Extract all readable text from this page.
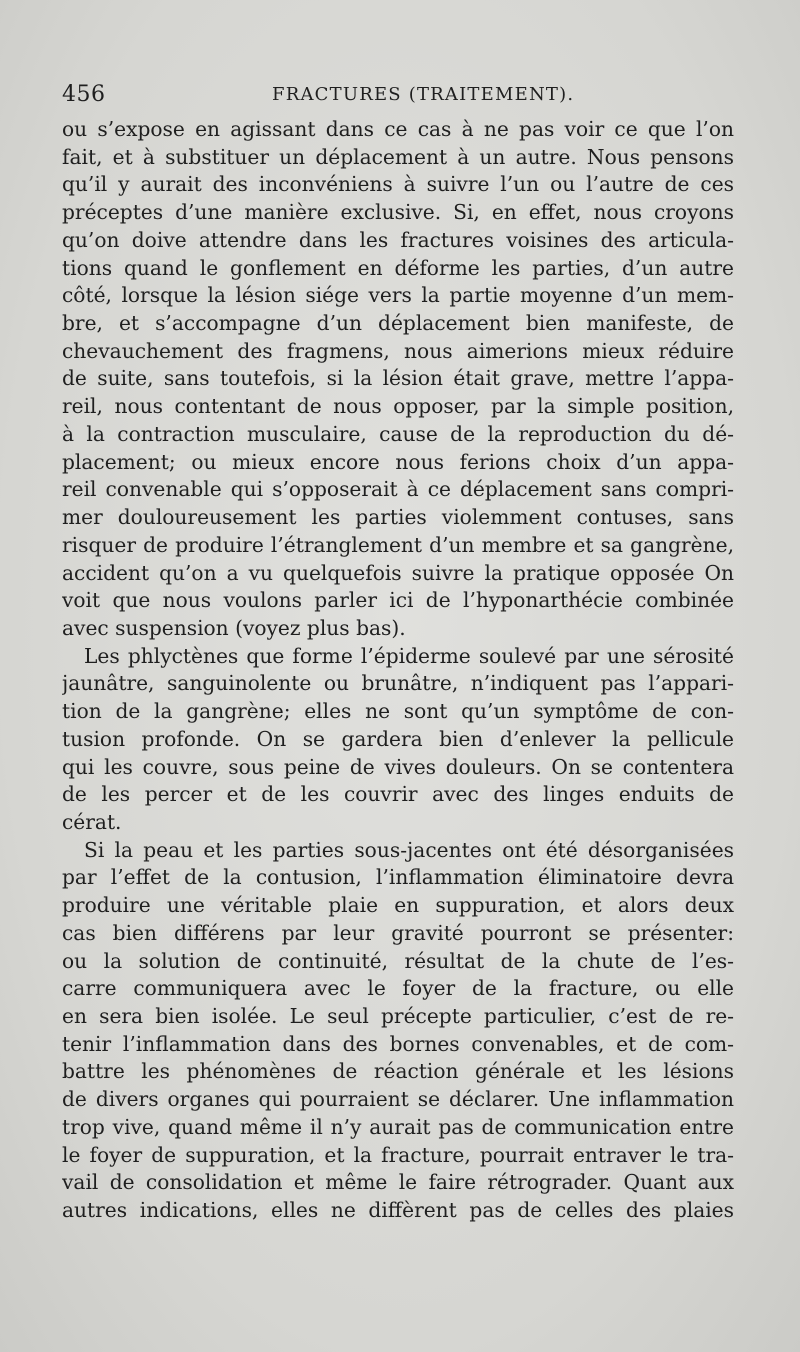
456	FRACTURES (TRAITEMENT).
ou s’expose en agissant dans ce cas à ne pas voir ce que l’on
fait, et à substituer un déplacement à un autre. Nous pensons
qu’il y aurait des inconvéniens à suivre l’un ou l’autre de ces
préceptes d’une manière exclusive. Si, en effet, nous croyons
qu’on doive attendre dans les fractures voisines des articula-
tions quand le gonflement en déforme les parties, d’un autre
côté, lorsque la lésion siége vers la partie moyenne d’un mem-
bre, et s’accompagne d’un déplacement bien manifeste, de
chevauchement des fragmens, nous aimerions mieux réduire
de suite, sans toutefois, si la lésion était grave, mettre l’appa-
reil, nous contentant de nous opposer, par la simple position,
à la contraction musculaire, cause de la reproduction du dé-
placement; ou mieux encore nous ferions choix d’un appa-
reil convenable qui s’opposerait à ce déplacement sans compri-
mer douloureusement les parties violemment contuses, sans
risquer de produire l’étranglement d’un membre et sa gangrène,
accident qu’on a vu quelquefois suivre la pratique opposée On
voit que nous voulons parler ici de l’hyponarthécie combinée
avec suspension (voyez plus bas).
Les phlyctènes que forme l’épiderme soulevé par une sérosité
jaunâtre, sanguinolente ou brunâtre, n’indiquent pas l’appari-
tion de la gangrène; elles ne sont qu’un symptôme de con-
tusion profonde. On se gardera bien d’enlever la pellicule
qui les couvre, sous peine de vives douleurs. On se contentera
de les percer et de les couvrir avec des linges enduits de
cérat.
Si la peau et les parties sous-jacentes ont été désorganisées
par l’effet de la contusion, l’inflammation éliminatoire devra
produire une véritable plaie en suppuration, et alors deux
cas bien différens par leur gravité pourront se présenter:
ou la solution de continuité, résultat de la chute de l’es-
carre communiquera avec le foyer de la fracture, ou elle
en sera bien isolée. Le seul précepte particulier, c’est de re-
tenir l’inflammation dans des bornes convenables, et de com-
battre les phénomènes de réaction générale et les lésions
de divers organes qui pourraient se déclarer. Une inflammation
trop vive, quand même il n’y aurait pas de communication entre
le foyer de suppuration, et la fracture, pourrait entraver le tra-
vail de consolidation et même le faire rétrograder. Quant aux
autres indications, elles ne diffèrent pas de celles des plaies
